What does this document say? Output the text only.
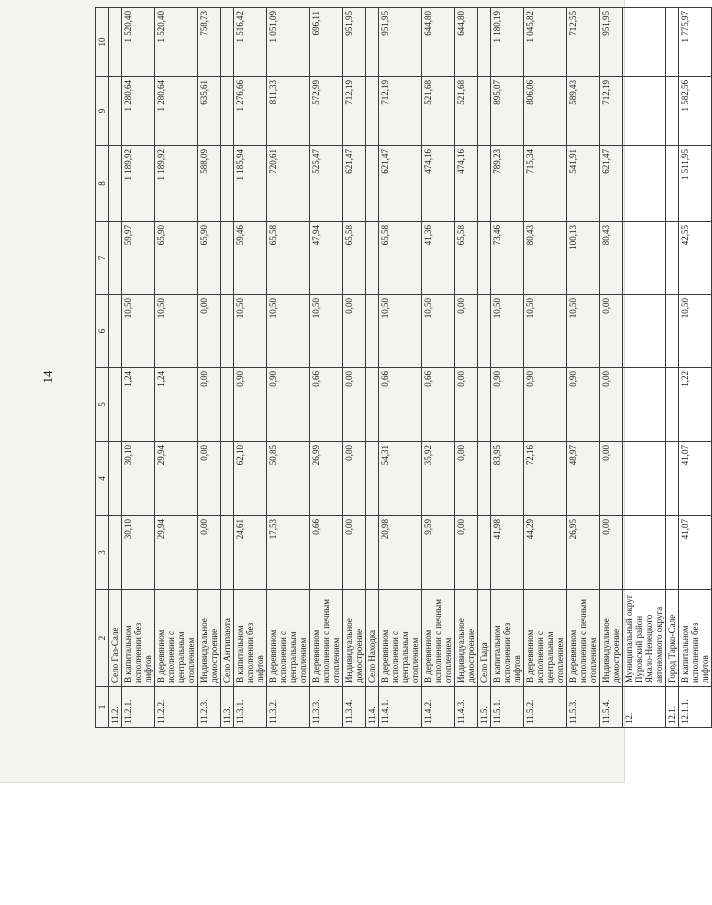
14
1	2	3	4	5	6	7	8	9	10
11.2.	Село Газ-Сале								
11.2.1.	В капитальном исполнении без лифтов	30,10	30,10	1,24	10,50	59,97	1 189,92	1 280,64	1 520,40
11.2.2.	В деревянном исполнении с центральным отоплением	29,94	29,94	1,24	10,50	65,90	1 189,92	1 280,64	1 520,40
11.2.3.	Индивидуальное домостроение	0,00	0,00	0,00	0,00	65,90	588,09	635,61	758,73
11.3.	Село Антипаюта								
11.3.1.	В капитальном исполнении без лифтов	24,61	62,10	0,90	10,50	59,46	1 185,94	1 276,66	1 516,42
11.3.2.	В деревянном исполнении с центральным отоплением	17,53	50,85	0,90	10,50	65,58	720,61	811,33	1 051,09
11.3.3.	В деревянном исполнении с печным отоплением	0,66	26,99	0,66	10,50	47,94	525,47	572,99	696,11
11.3.4.	Индивидуальное домостроение	0,00	0,00	0,00	0,00	65,58	621,47	712,19	951,95
11.4.	Село Находка								
11.4.1.	В деревянном исполнении с центральным отоплением	20,98	54,31	0,66	10,50	65,58	621,47	712,19	951,95
11.4.2.	В деревянном исполнении с печным отоплением	9,59	35,92	0,66	10,50	41,36	474,16	521,68	644,80
11.4.3.	Индивидуальное домостроение	0,00	0,00	0,00	0,00	65,58	474,16	521,68	644,80
11.5.	Село Гыда								
11.5.1.	В капитальном исполнении без лифтов	41,98	83,95	0,90	10,50	73,46	789,23	895,07	1 180,19
11.5.2.	В деревянном исполнении с центральным отоплением	44,29	72,16	0,90	10,50	80,43	715,34	806,06	1 045,82
11.5.3.	В деревянном исполнении с печным отоплением	26,95	48,97	0,90	10,50	100,13	541,91	589,43	712,55
11.5.4.	Индивидуальное домостроение	0,00	0,00	0,00	0,00	80,43	621,47	712,19	951,95
12.	Муниципальный округ Пуровский район Ямало-Ненецкого автономного округа								
12.1.	Город Тарко-Сале								
12.1.1.	В капитальном исполнении без лифтов	41,07	41,07	1,22	10,50	42,55	1 511,95	1 582,56	1 775,97
